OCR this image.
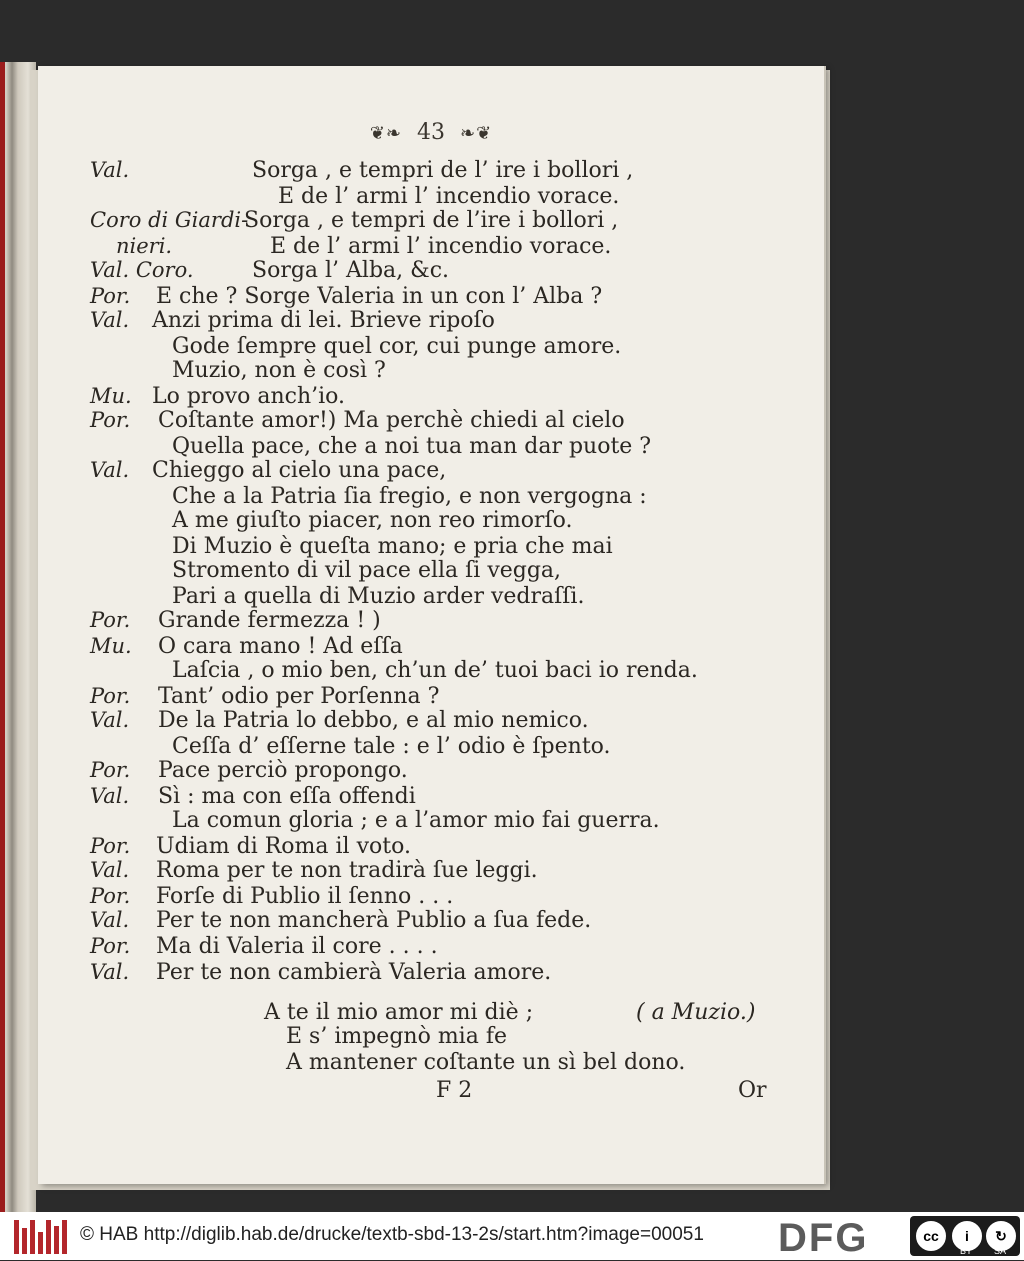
❦❧ 43 ❧❦
Val.	Sorga , e tempri de l’ ire i bollori ,
E de l’ armi l’ incendio vorace.
Coro di Giardi-
Sorga , e tempri de l’ire i bollori ,
nieri.	E de l’ armi l’ incendio vorace.
Val. Coro.	Sorga l’ Alba, &c.
Por. E che ? Sorge Valeria in un con l’ Alba ?
Val. Anzi prima di lei. Brieve ripoſo
Gode ſempre quel cor, cui punge amore.
Muzio, non è così ?
Mu. Lo provo anch’io.
Por. Coſtante amor!) Ma perchè chiedi al cielo
Quella pace, che a noi tua man dar puote ?
Val. Chieggo al cielo una pace,
Che a la Patria ſia fregio, e non vergogna :
A me giuſto piacer, non reo rimorſo.
Di Muzio è queſta mano; e pria che mai
Stromento di vil pace ella ſi vegga,
Pari a quella di Muzio arder vedraſſi.
Por. Grande fermezza ! )
Mu. O cara mano ! Ad eſſa
Laſcia , o mio ben, ch’un de’ tuoi baci io renda.
Por. Tant’ odio per Porſenna ?
Val. De la Patria lo debbo, e al mio nemico.
Ceſſa d’ eſſerne tale : e l’ odio è ſpento.
Por. Pace perciò propongo.
Val. Sì : ma con eſſa offendi
La comun gloria ; e a l’amor mio fai guerra.
Por. Udiam di Roma il voto.
Val. Roma per te non tradirà ſue leggi.
Por. Forſe di Publio il ſenno . . .
Val. Per te non mancherà Publio a ſua fede.
Por. Ma di Valeria il core . . . .
Val. Per te non cambierà Valeria amore.
A te il mio amor mi diè ;
E s’ impegnò mia fe
A mantener coſtante un sì bel dono.
( a Muzio.)
F 2	Or
© HAB http://diglib.hab.de/drucke/textb-sbd-13-2s/start.htm?image=00051 DFG	cc	i	↻
BY SA
